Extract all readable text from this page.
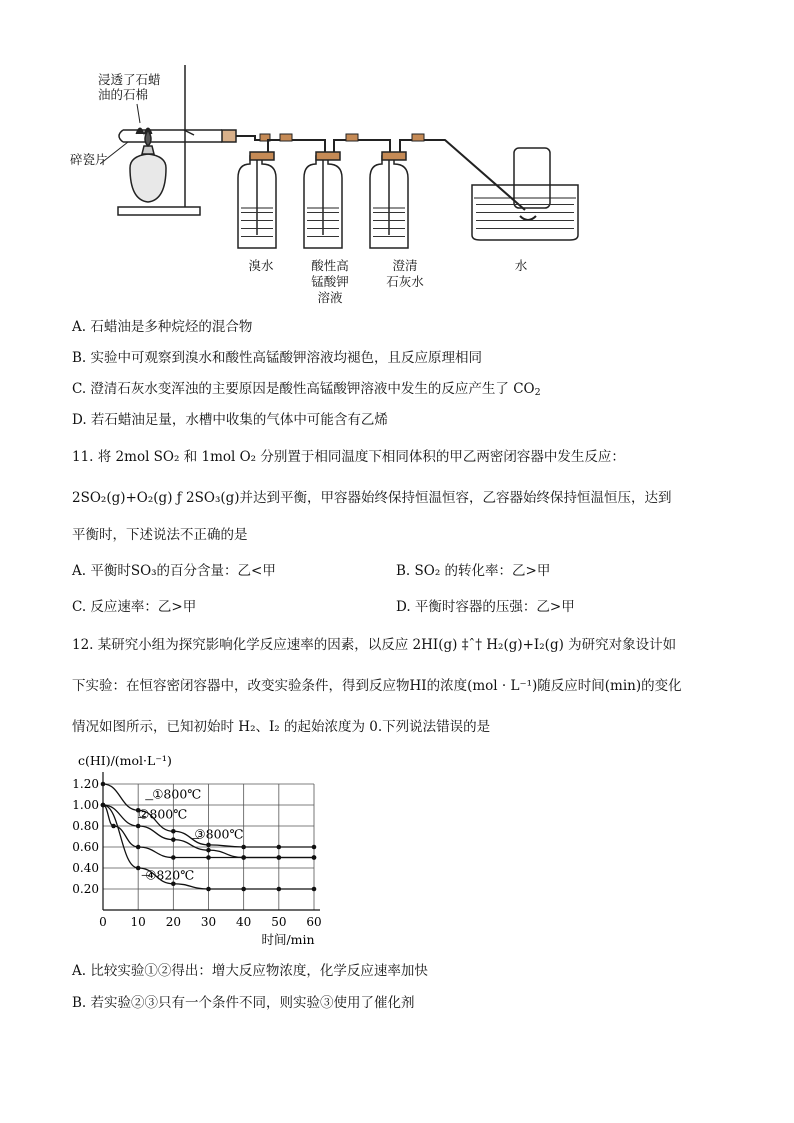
浸透了石蜡
油的石棉
碎瓷片
溴水	酸性高
锰酸钾
溶液
澄清
石灰水
水
A. 石蜡油是多种烷烃的混合物
B. 实验中可观察到溴水和酸性高锰酸钾溶液均褪色，且反应原理相同
C. 澄清石灰水变浑浊的主要原因是酸性高锰酸钾溶液中发生的反应产生了 $CO_2$
D. 若石蜡油足量，水槽中收集的气体中可能含有乙烯
11. 将 2mol SO₂ 和 1mol O₂ 分别置于相同温度下相同体积的甲乙两密闭容器中发生反应：
2SO₂(g)+O₂(g) ƒ 2SO₃(g)并达到平衡，甲容器始终保持恒温恒容，乙容器始终保持恒温恒压，达到
平衡时，下述说法不正确的是
A. 平衡时SO₃的百分含量：乙<甲	B. SO₂ 的转化率：乙>甲
C. 反应速率：乙>甲	D. 平衡时容器的压强：乙>甲
12. 某研究小组为探究影响化学反应速率的因素，以反应 2HI(g) ‡ˆ† H₂(g)+I₂(g) 为研究对象设计如
下实验：在恒容密闭容器中，改变实验条件，得到反应物HI的浓度(mol · L⁻¹)随反应时间(min)的变化
情况如图所示，已知初始时 H₂、I₂ 的起始浓度为 0.下列说法错误的是
c(HI)/(mol·L⁻¹)
时间/min
0 10 20 30 40 50 60
0.20
0.40
0.60
0.80
1.00
1.20
①800℃
②800℃
③800℃
④820℃
A. 比较实验①②得出：增大反应物浓度，化学反应速率加快
B. 若实验②③只有一个条件不同，则实验③使用了催化剂
